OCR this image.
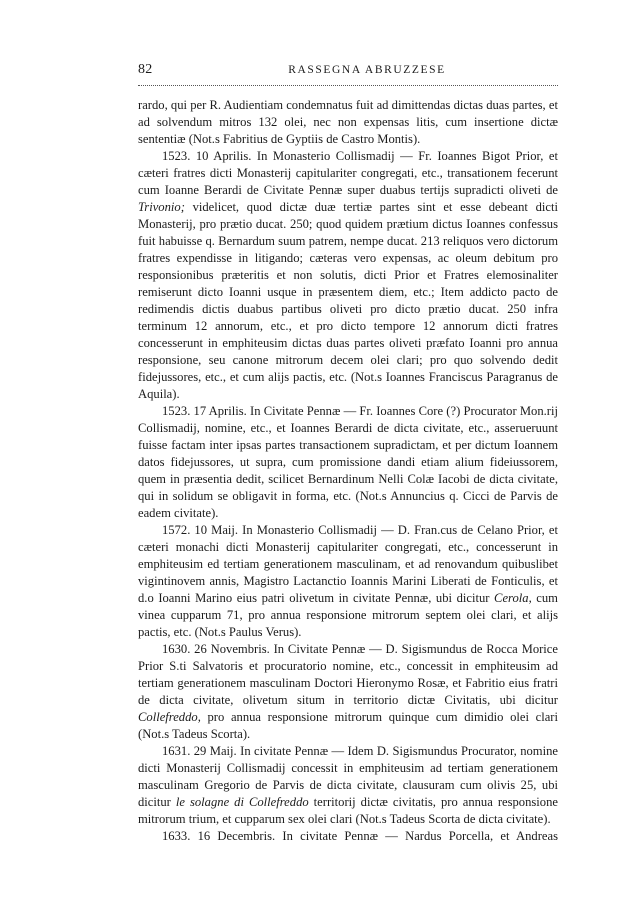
82	RASSEGNA ABRUZZESE

rardo, qui per R. Audientiam condemnatus fuit ad dimittendas dictas duas partes, et ad solvendum mitros 132 olei, nec non expensas litis, cum insertione dictæ sententiæ (Not.s Fabritius de Gyptiis de Castro Montis).

1523. 10 Aprilis. In Monasterio Collismadij — Fr. Ioannes Bigot Prior, et cæteri fratres dicti Monasterij capitulariter congregati, etc., transationem fecerunt cum Ioanne Berardi de Civitate Pennæ super duabus tertijs supradicti oliveti de Trivonio; videlicet, quod dictæ duæ tertiæ partes sint et esse debeant dicti Monasterij, pro prætio ducat. 250; quod quidem prætium dictus Ioannes confessus fuit habuisse q. Bernardum suum patrem, nempe ducat. 213 reliquos vero dictorum fratres expendisse in litigando; cæteras vero expensas, ac oleum debitum pro responsionibus præteritis et non solutis, dicti Prior et Fratres elemosinaliter remiserunt dicto Ioanni usque in præsentem diem, etc.; Item addicto pacto de redimendis dictis duabus partibus oliveti pro dicto prætio ducat. 250 infra terminum 12 annorum, etc., et pro dicto tempore 12 annorum dicti fratres concesserunt in emphiteusim dictas duas partes oliveti præfato Ioanni pro annua responsione, seu canone mitrorum decem olei clari; pro quo solvendo dedit fidejussores, etc., et cum alijs pactis, etc. (Not.s Ioannes Franciscus Paragranus de Aquila).

1523. 17 Aprilis. In Civitate Pennæ — Fr. Ioannes Core (?) Procurator Mon.rij Collismadij, nomine, etc., et Ioannes Berardi de dicta civitate, etc., asserueruunt fuisse factam inter ipsas partes transactionem supradictam, et per dictum Ioannem datos fidejussores, ut supra, cum promissione dandi etiam alium fideiussorem, quem in præsentia dedit, scilicet Bernardinum Nelli Colæ Iacobi de dicta civitate, qui in solidum se obligavit in forma, etc. (Not.s Annuncius q. Cicci de Parvis de eadem civitate).

1572. 10 Maij. In Monasterio Collismadij — D. Fran.cus de Celano Prior, et cæteri monachi dicti Monasterij capitulariter congregati, etc., concesserunt in emphiteusim ed tertiam generationem masculinam, et ad renovandum quibuslibet vigintinovem annis, Magistro Lactanctio Ioannis Marini Liberati de Fonticulis, et d.o Ioanni Marino eius patri olivetum in civitate Pennæ, ubi dicitur Cerola, cum vinea cupparum 71, pro annua responsione mitrorum septem olei clari, et alijs pactis, etc. (Not.s Paulus Verus).

1630. 26 Novembris. In Civitate Pennæ — D. Sigismundus de Rocca Morice Prior S.ti Salvatoris et procuratorio nomine, etc., concessit in emphiteusim ad tertiam generationem masculinam Doctori Hieronymo Rosæ, et Fabritio eius fratri de dicta civitate, olivetum situm in territorio dictæ Civitatis, ubi dicitur Collefreddo, pro annua responsione mitrorum quinque cum dimidio olei clari (Not.s Tadeus Scorta).

1631. 29 Maij. In civitate Pennæ — Idem D. Sigismundus Procurator, nomine dicti Monasterij Collismadij concessit in emphiteusim ad tertiam generationem masculinam Gregorio de Parvis de dicta civitate, clausuram cum olivis 25, ubi dicitur le solagne di Collefreddo territorij dictæ civitatis, pro annua responsione mitrorum trium, et cupparum sex olei clari (Not.s Tadeus Scorta de dicta civitate).

1633. 16 Decembris. In civitate Pennæ — Nardus Porcella, et Andreas
